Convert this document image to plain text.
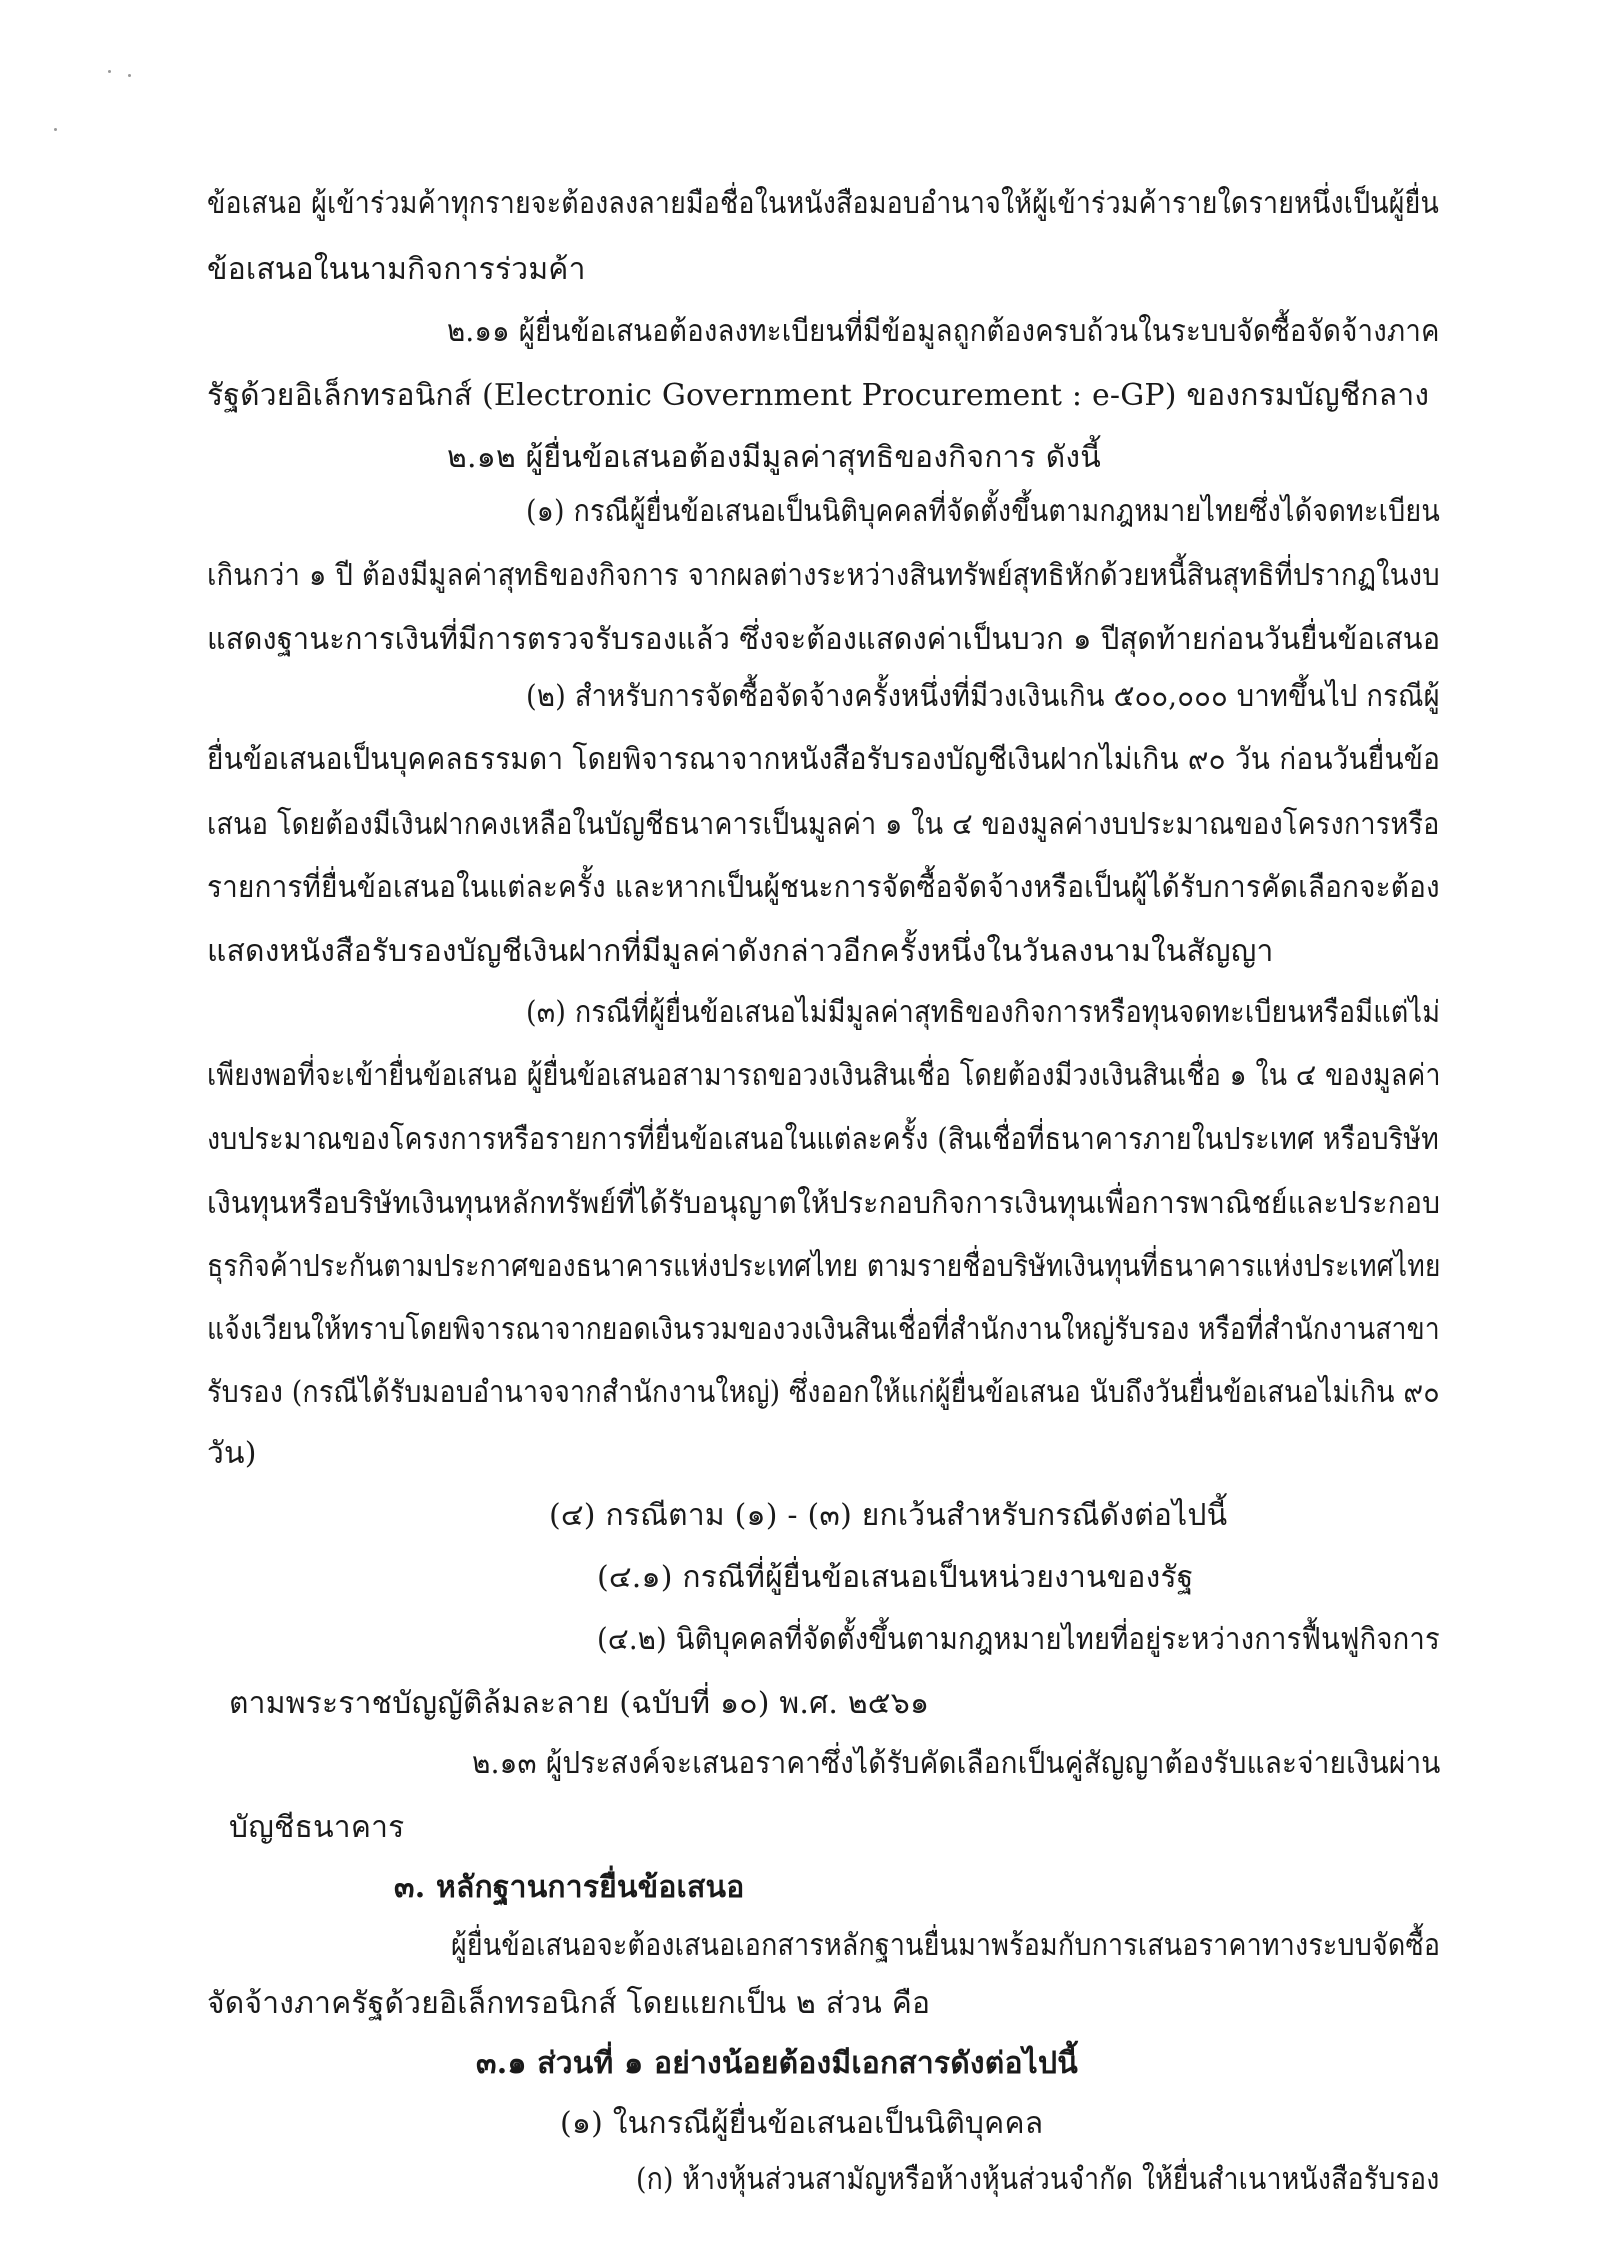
ข้อเสนอ ผู้เข้าร่วมค้าทุกรายจะต้องลงลายมือชื่อในหนังสือมอบอำนาจให้ผู้เข้าร่วมค้ารายใดรายหนึ่งเป็นผู้ยื่น
ข้อเสนอในนามกิจการร่วมค้า
๒.๑๑ ผู้ยื่นข้อเสนอต้องลงทะเบียนที่มีข้อมูลถูกต้องครบถ้วนในระบบจัดซื้อจัดจ้างภาค
รัฐด้วยอิเล็กทรอนิกส์ (Electronic Government Procurement : e-GP) ของกรมบัญชีกลาง
๒.๑๒ ผู้ยื่นข้อเสนอต้องมีมูลค่าสุทธิของกิจการ ดังนี้
(๑) กรณีผู้ยื่นข้อเสนอเป็นนิติบุคคลที่จัดตั้งขึ้นตามกฎหมายไทยซึ่งได้จดทะเบียน
เกินกว่า ๑ ปี ต้องมีมูลค่าสุทธิของกิจการ จากผลต่างระหว่างสินทรัพย์สุทธิหักด้วยหนี้สินสุทธิที่ปรากฏในงบ
แสดงฐานะการเงินที่มีการตรวจรับรองแล้ว ซึ่งจะต้องแสดงค่าเป็นบวก ๑ ปีสุดท้ายก่อนวันยื่นข้อเสนอ
(๒) สำหรับการจัดซื้อจัดจ้างครั้งหนึ่งที่มีวงเงินเกิน ๕๐๐,๐๐๐ บาทขึ้นไป กรณีผู้
ยื่นข้อเสนอเป็นบุคคลธรรมดา โดยพิจารณาจากหนังสือรับรองบัญชีเงินฝากไม่เกิน ๙๐ วัน ก่อนวันยื่นข้อ
เสนอ โดยต้องมีเงินฝากคงเหลือในบัญชีธนาคารเป็นมูลค่า ๑ ใน ๔ ของมูลค่างบประมาณของโครงการหรือ
รายการที่ยื่นข้อเสนอในแต่ละครั้ง และหากเป็นผู้ชนะการจัดซื้อจัดจ้างหรือเป็นผู้ได้รับการคัดเลือกจะต้อง
แสดงหนังสือรับรองบัญชีเงินฝากที่มีมูลค่าดังกล่าวอีกครั้งหนึ่งในวันลงนามในสัญญา
(๓) กรณีที่ผู้ยื่นข้อเสนอไม่มีมูลค่าสุทธิของกิจการหรือทุนจดทะเบียนหรือมีแต่ไม่
เพียงพอที่จะเข้ายื่นข้อเสนอ ผู้ยื่นข้อเสนอสามารถขอวงเงินสินเชื่อ โดยต้องมีวงเงินสินเชื่อ ๑ ใน ๔ ของมูลค่า
งบประมาณของโครงการหรือรายการที่ยื่นข้อเสนอในแต่ละครั้ง (สินเชื่อที่ธนาคารภายในประเทศ หรือบริษัท
เงินทุนหรือบริษัทเงินทุนหลักทรัพย์ที่ได้รับอนุญาตให้ประกอบกิจการเงินทุนเพื่อการพาณิชย์และประกอบ
ธุรกิจค้าประกันตามประกาศของธนาคารแห่งประเทศไทย ตามรายชื่อบริษัทเงินทุนที่ธนาคารแห่งประเทศไทย
แจ้งเวียนให้ทราบโดยพิจารณาจากยอดเงินรวมของวงเงินสินเชื่อที่สำนักงานใหญ่รับรอง หรือที่สำนักงานสาขา
รับรอง (กรณีได้รับมอบอำนาจจากสำนักงานใหญ่) ซึ่งออกให้แก่ผู้ยื่นข้อเสนอ นับถึงวันยื่นข้อเสนอไม่เกิน ๙๐
วัน)
(๔) กรณีตาม (๑) - (๓) ยกเว้นสำหรับกรณีดังต่อไปนี้
(๔.๑) กรณีที่ผู้ยื่นข้อเสนอเป็นหน่วยงานของรัฐ
(๔.๒) นิติบุคคลที่จัดตั้งขึ้นตามกฎหมายไทยที่อยู่ระหว่างการฟื้นฟูกิจการ
ตามพระราชบัญญัติล้มละลาย (ฉบับที่ ๑๐) พ.ศ. ๒๕๖๑
๒.๑๓ ผู้ประสงค์จะเสนอราคาซึ่งได้รับคัดเลือกเป็นคู่สัญญาต้องรับและจ่ายเงินผ่าน
บัญชีธนาคาร
๓. หลักฐานการยื่นข้อเสนอ
ผู้ยื่นข้อเสนอจะต้องเสนอเอกสารหลักฐานยื่นมาพร้อมกับการเสนอราคาทางระบบจัดซื้อ
จัดจ้างภาครัฐด้วยอิเล็กทรอนิกส์ โดยแยกเป็น ๒ ส่วน คือ
๓.๑ ส่วนที่ ๑ อย่างน้อยต้องมีเอกสารดังต่อไปนี้
(๑) ในกรณีผู้ยื่นข้อเสนอเป็นนิติบุคคล
(ก) ห้างหุ้นส่วนสามัญหรือห้างหุ้นส่วนจำกัด ให้ยื่นสำเนาหนังสือรับรอง
